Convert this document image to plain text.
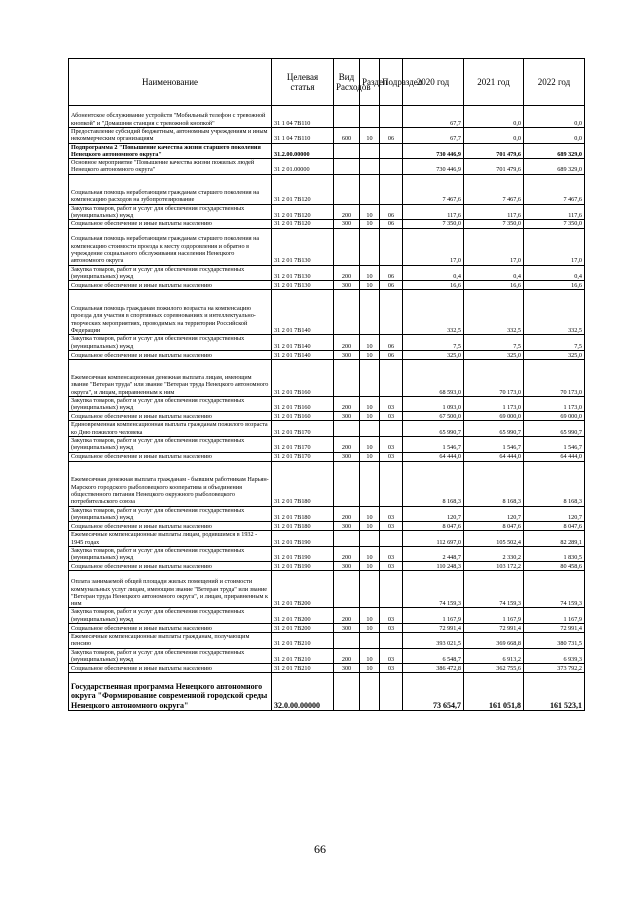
Наименование	Целевая статья	Вид Расходов	Раздел	Подраздел	2020 год	2021 год	2022 год
Абонентское обслуживание устройств "Мобильный телефон с тревожной кнопкой" и "Домашняя станция с тревожной кнопкой"	31 1 04 7В110				67,7	0,0	0,0
Предоставление субсидий бюджетным, автономным учреждениям и иным некоммерческим организациям	31 1 04 7В110	600	10	06	67,7	0,0	0,0
Подпрограмма 2 "Повышение качества жизни старшего поколения Ненецкого автономного округа"	31.2.00.00000				730 446,9	701 479,6	689 329,0
Основное мероприятие "Повышение качества жизни пожилых людей Ненецкого автономного округа"	31 2 01.00000				730 446,9	701 479,6	689 329,0
Социальная помощь неработающим гражданам старшего поколения на компенсацию расходов на зубопротезирование	31 2 01 7В120				7 467,6	7 467,6	7 467,6
Закупка товаров, работ и услуг для обеспечения государственных (муниципальных) нужд	31 2 01 7В120	200	10	06	117,6	117,6	117,6
Социальное обеспечение и иные выплаты населению	31 2 01 7В120	300	10	06	7 350,0	7 350,0	7 350,0
Социальная помощь неработающим гражданам старшего поколения на компенсацию стоимости проезда к месту оздоровления и обратно в учреждение социального обслуживания населения Ненецкого автономного округа	31 2 01 7В130				17,0	17,0	17,0
Закупка товаров, работ и услуг для обеспечения государственных (муниципальных) нужд	31 2 01 7В130	200	10	06	0,4	0,4	0,4
Социальное обеспечение и иные выплаты населению	31 2 01 7В130	300	10	06	16,6	16,6	16,6
Социальная помощь гражданам пожилого возраста на компенсацию проезда для участия в спортивных соревнованиях и интеллектуально-творческих мероприятиях, проводимых на территории Российской Федерации	31 2 01 7В140				332,5	332,5	332,5
Закупка товаров, работ и услуг для обеспечения государственных (муниципальных) нужд	31 2 01 7В140	200	10	06	7,5	7,5	7,5
Социальное обеспечение и иные выплаты населению	31 2 01 7В140	300	10	06	325,0	325,0	325,0
Ежемесячная компенсационная денежная выплата лицам, имеющим звание "Ветеран труда" или звание "Ветеран труда Ненецкого автономного округа", и лицам, приравненным к ним	31 2 01 7В160				68 593,0	70 173,0	70 173,0
Закупка товаров, работ и услуг для обеспечения государственных (муниципальных) нужд	31 2 01 7В160	200	10	03	1 093,0	1 173,0	1 173,0
Социальное обеспечение и иные выплаты населению	31 2 01 7В160	300	10	03	67 500,0	69 000,0	69 000,0
Единовременная компенсационная выплата гражданам пожилого возраста ко Дню пожилого человека	31 2 01 7В170				65 990,7	65 990,7	65 990,7
Закупка товаров, работ и услуг для обеспечения государственных (муниципальных) нужд	31 2 01 7В170	200	10	03	1 546,7	1 546,7	1 546,7
Социальное обеспечение и иные выплаты населению	31 2 01 7В170	300	10	03	64 444,0	64 444,0	64 444,0
Ежемесячная денежная выплата гражданам - бывшим работникам Нарьян-Марского городского рыболовецкого кооператива и объединения общественного питания Ненецкого окружного рыболовецкого потребительского союза	31 2 01 7В180				8 168,3	8 168,3	8 168,3
Закупка товаров, работ и услуг для обеспечения государственных (муниципальных) нужд	31 2 01 7В180	200	10	03	120,7	120,7	120,7
Социальное обеспечение и иные выплаты населению	31 2 01 7В180	300	10	03	8 047,6	8 047,6	8 047,6
Ежемесячные компенсационные выплаты лицам, родившимся в 1932 - 1945 годах	31 2 01 7В190				112 697,0	105 502,4	82 289,1
Закупка товаров, работ и услуг для обеспечения государственных (муниципальных) нужд	31 2 01 7В190	200	10	03	2 448,7	2 330,2	1 830,5
Социальное обеспечение и иные выплаты населению	31 2 01 7В190	300	10	03	110 248,3	103 172,2	80 458,6
Оплата занимаемой общей площади жилых помещений и стоимости коммунальных услуг лицам, имеющим звание "Ветеран труда" или звание "Ветеран труда Ненецкого автономного округа", и лицам, приравненным к ним	31 2 01 7В200				74 159,3	74 159,3	74 159,3
Закупка товаров, работ и услуг для обеспечения государственных (муниципальных) нужд	31 2 01 7В200	200	10	03	1 167,9	1 167,9	1 167,9
Социальное обеспечение и иные выплаты населению	31 2 01 7В200	300	10	03	72 991,4	72 991,4	72 991,4
Ежемесячные компенсационные выплаты гражданам, получающим пенсию	31 2 01 7В210				393 021,5	369 668,8	380 731,5
Закупка товаров, работ и услуг для обеспечения государственных (муниципальных) нужд	31 2 01 7В210	200	10	03	6 548,7	6 913,2	6 939,3
Социальное обеспечение и иные выплаты населению	31 2 01 7В210	300	10	03	386 472,8	362 755,6	373 792,2
Государственная программа Ненецкого автономного округа "Формирование современной городской среды Ненецкого автономного округа"	32.0.00.00000				73 654,7	161 051,8	161 523,1
66
